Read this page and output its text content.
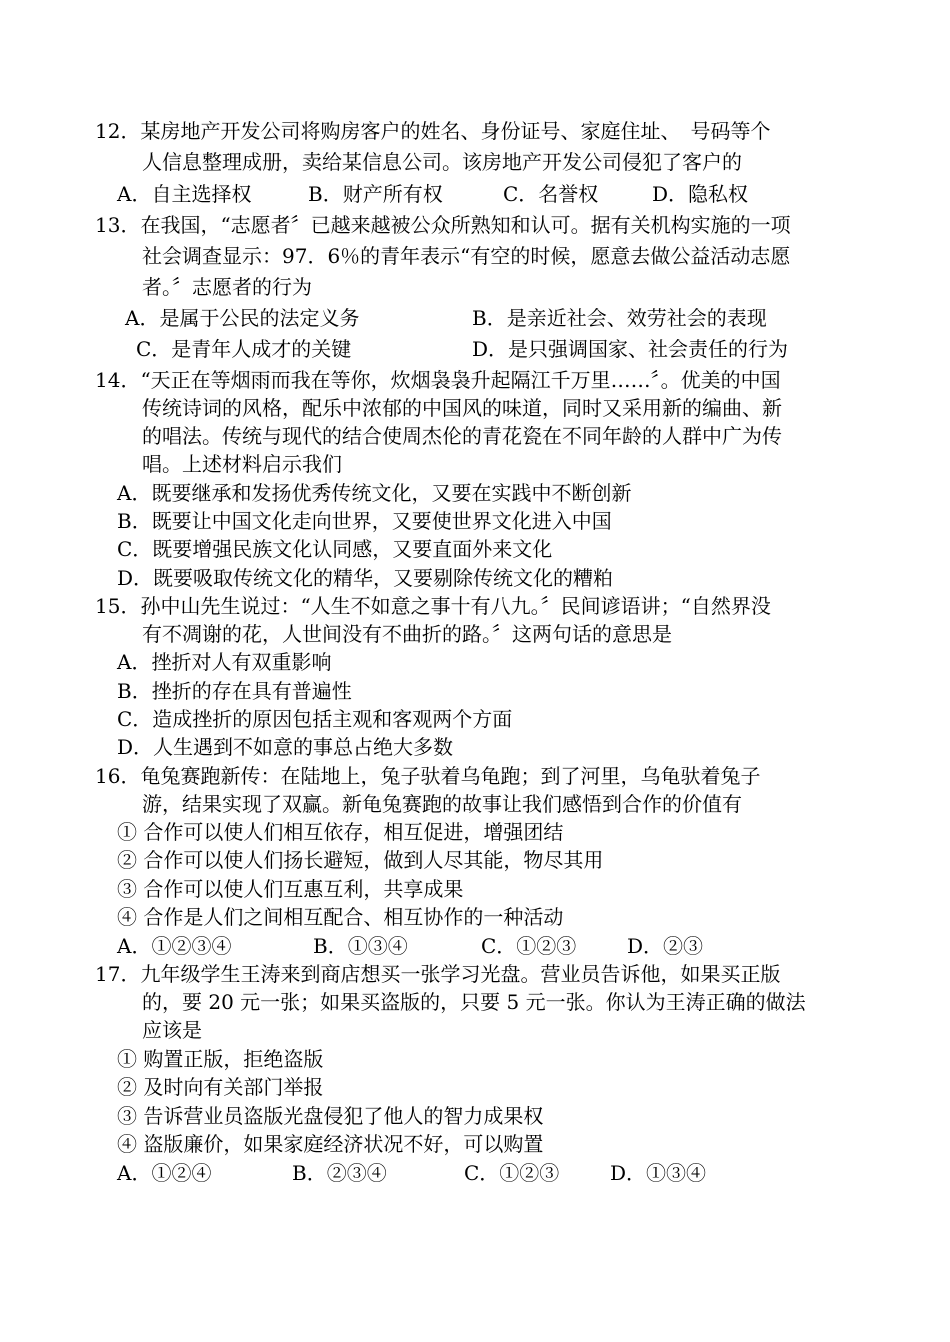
12．某房地产开发公司将购房客户的姓名、身份证号、家庭住址、　号码等个
人信息整理成册，卖给某信息公司。该房地产开发公司侵犯了客户的
A．自主选择权	B．财产所有权	C．名誉权	D．隐私权
13．在我国，“志愿者〞已越来越被公众所熟知和认可。据有关机构实施的一项
社会调查显示：97．6％的青年表示“有空的时候，愿意去做公益活动志愿
者。〞志愿者的行为
A．是属于公民的法定义务	B．是亲近社会、效劳社会的表现
C．是青年人成才的关键	D．是只强调国家、社会责任的行为
14．“天正在等烟雨而我在等你，炊烟袅袅升起隔江千万里……〞。优美的中国
传统诗词的风格，配乐中浓郁的中国风的味道，同时又采用新的编曲、新
的唱法。传统与现代的结合使周杰伦的青花瓷在不同年龄的人群中广为传
唱。上述材料启示我们
A．既要继承和发扬优秀传统文化，又要在实践中不断创新
B．既要让中国文化走向世界，又要使世界文化进入中国
C．既要增强民族文化认同感，又要直面外来文化
D．既要吸取传统文化的精华，又要剔除传统文化的糟粕
15．孙中山先生说过：“人生不如意之事十有八九。〞民间谚语讲；“自然界没
有不凋谢的花，人世间没有不曲折的路。〞这两句话的意思是
A．挫折对人有双重影响
B．挫折的存在具有普遍性
C．造成挫折的原因包括主观和客观两个方面
D．人生遇到不如意的事总占绝大多数
16．龟兔赛跑新传：在陆地上，兔子驮着乌龟跑；到了河里，乌龟驮着兔子
游，结果实现了双赢。新龟兔赛跑的故事让我们感悟到合作的价值有
① 合作可以使人们相互依存，相互促进，增强团结
② 合作可以使人们扬长避短，做到人尽其能，物尽其用
③ 合作可以使人们互惠互利，共享成果
④ 合作是人们之间相互配合、相互协作的一种活动
A．①②③④	B．①③④	C．①②③	D．②③
17．九年级学生王涛来到商店想买一张学习光盘。营业员告诉他，如果买正版
的，要 20 元一张；如果买盗版的，只要 5 元一张。你认为王涛正确的做法
应该是
① 购置正版，拒绝盗版
② 及时向有关部门举报
③ 告诉营业员盗版光盘侵犯了他人的智力成果权
④ 盗版廉价，如果家庭经济状况不好，可以购置
A．①②④	B．②③④	C．①②③	D．①③④
